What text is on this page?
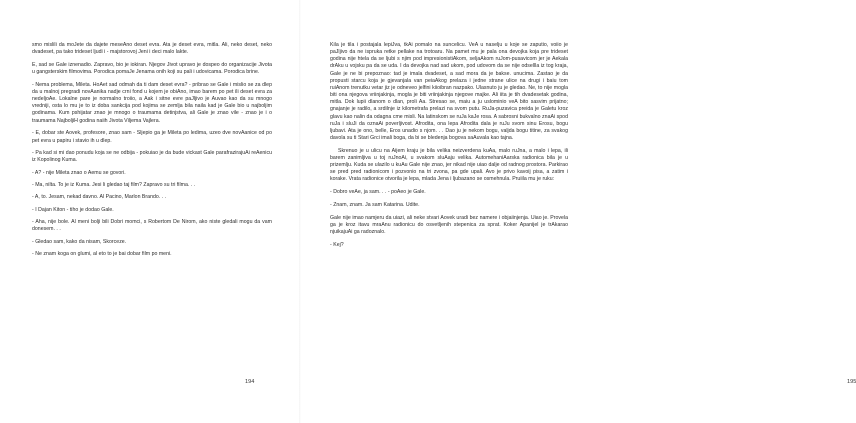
smo mislili da moJete da dajete meseAno deset evra. Ata je deset evra, mitla. Ali, neko deset, neko dvadeset, pa tako trideset ljudi i - majstorovoj Jeni i deci malo lakte.

E, sad se Gale iznenadio. Zapravo, bio je iokiran. Njegov Jivot upravo je dospeo do organizacije Jivota u gangsterskim filmovima. Porodica pomaJe Jenama onih koji su pali i udovicama. Porodica brine.

- Nema problema, Mileta. HoAet sad odmah da ti dam deset evra? - pribrao se Gale i mislio se za dlep da u malnoj pregradi novAanika nadje crni fond u kojem je obiAno, imao barem po pet ili deset evra za nedeljoAe. Lokalne pare je normalno troiio, a Aak i sitne evre paJljivo je Auvao kao da su mnogo vredniji, osta lo mu je to iz doba sankcija pod kojima se zemlja bila naila kad je Gale bio u najboljim godinama. Kum pshijatar znao je mnogo o traumama detinjstva, ali Gale je znao vile - znao je i o traumama NajboljiH godina naiih Jivota Viljema Vajlera.

- E, dobar ste Aovek, profesore, znao sam - Sljepio ga je Mileta po ledima, uzeo dve novAanice od po pet evra u papiru i stavio ih u dlep.

- Pa kad si mi dao ponudu koja se ne odbija - pokuiao je da bude vickast Gale parafrazirajuAi reAenicu iz Kopolinog Kuma.

- A? - nije Mileta znao o Aemu se govori.

- Ma, nilta. To je iz Kuma. Jesi li gledao taj film? Zapravo su tri filma. . .

- A, to. Jesam, nekad davno. Al Pacino, Marlon Brando. . .

- I Dajan Kiton - tiho je dodao Gale.

- Aha, nije bole. Al meni bolji bili Dobri momci, s Robertom De Nirom, ako niste gledali mogu da vam donesem. . .

- Gledao sam, kako da nisam, Skorceze.

- Ne znam koga on glumi, al eto to je bai dobar film po meni.

194

Kila je tila i postajala lepiJva, tkAi pomalo na suncelicu. VeA u naselju u koje se zaputio, voiio je paJljivo da ne ispruka retke pellake na trotoaru. Na pamet mu je pala ona devojka koja pre trideset godina nije htela da se ljubi s njim pod impresionistiAkom, seljaAkom ruJom-pusavicom jer je Aekala drAku u vojsku pa da se uda. I da devojka nad sad ukom, pod udovom da se nije odsellla iz tog kraja, Gale je ne bi prepoznao: tad je imala dvadeset, a sad mora da je bakse. unucima. Zastao je da propusti starcu koja je gjevanjala van peiaAkog prelaza i jedne strane ulice na drugi i baiu tom ruiAnom trenutku vetar jiz je odneveo jelfini kiioibran nazpako. Ulasnuto ju je gledao. Ne, to nije mogla biti ona njegova vriinjakinja, mogla je biti vriinjakinja njegove majke. Ali iita je tih dvadesetak godina, mitla. Dok lupii dlanom o dlan, proli Aa. Stresao se, maiu a ju uslominio veA bito sasvim prijatno; gnajanje je radilo, a srdilnje iz kilometrafa prelazi na svom putu. RuJa-puzavica preida je Galetu kroz glavu kao nalin da odagna cme misli. Na latinskom se ruJa kaJe rosa. A sabrosni bukvalno znaAi spod ruJa i sluJi da oznaAi poverljivost. Afrodita, ona lepa Afrodita dala je ruJu svom sinu Erosu, bogu ljubavi. Ata je ono, belle, Eros unadio s njom. . . Dao ju je nekom bogu, valjda bogu titine, za svakog davola su ti Stari Grci imali boga, da bi se bledenja bogova saAuvala kao tajna.

Skrenuo je u ulicu na Aijem kraju je bila velika neizverdena kuAa, malo ruJna, a malo i lepa, ili barem zanimljiva u toj ruJnoAi, u svakom sluAaju velika. AutomehaniAarska radionica bila je u prizemlju. Kuda se ulazilo u kuAu Gale nije znao, jer nikad nije uiao dalje od radnog prostora. Parkirao se pred pred radionicom i pozvonio na tri zvona, pa gde upali. Avo je privo kavoij pisa, a zatim i korake. Vrata radionice otvorila je lepa, mlada Jena i ljubazano se osmehnula. Pruiila mu je ruku:

- Dobro veAe, ja sam. . . - poAeo je Gale.

- Znam, znam. Ja sam Katarina. Udite.

Gale nije imao namjeru da uiazi, ali neke stvari Aovek uradi bez namere i objaiinjenja. Uiao je. Provela ga je kroz itavu mraAnu radionicu do osvetljenih stepenica za sprat. Koker Apanijel je trAkarao njuikajuAi ga radoznalo.

- Kej?

195
